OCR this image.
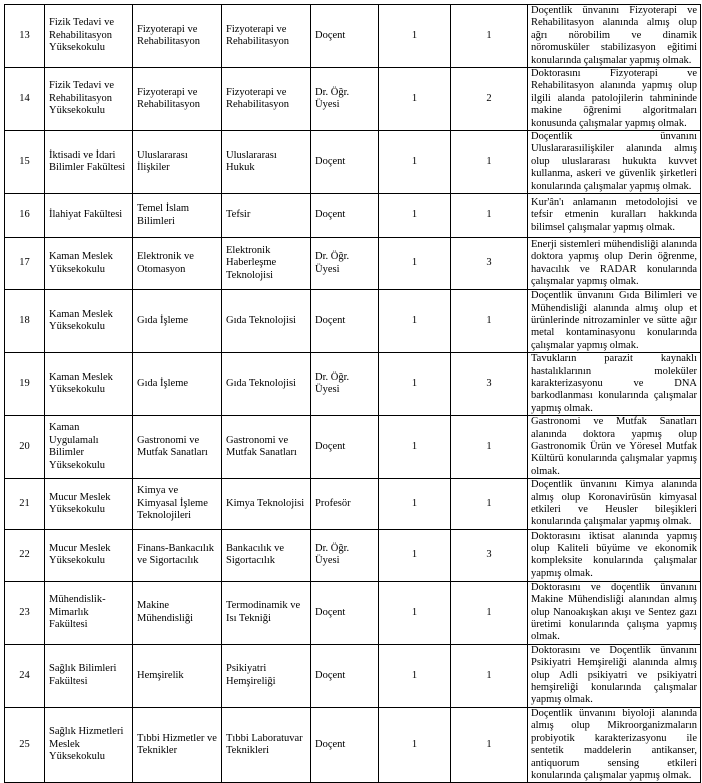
13	Fizik Tedavi ve Rehabilitasyon Yüksekokulu	Fizyoterapi ve Rehabilitasyon	Fizyoterapi ve Rehabilitasyon	Doçent	1	1	Doçentlik ünvanını Fizyoterapi ve Rehabilitasyon alanında almış olup ağrı nörobilim ve dinamik nöromusküler stabilizasyon eğitimi konularında çalışmalar yapmış olmak.
14	Fizik Tedavi ve Rehabilitasyon Yüksekokulu	Fizyoterapi ve Rehabilitasyon	Fizyoterapi ve Rehabilitasyon	Dr. Öğr. Üyesi	1	2	Doktorasını Fizyoterapi ve Rehabilitasyon alanında yapmış olup ilgili alanda patolojilerin tahmininde makine öğrenimi algoritmaları konusunda çalışmalar yapmış olmak.
15	İktisadi ve İdari Bilimler Fakültesi	Uluslararası İlişkiler	Uluslararası Hukuk	Doçent	1	1	Doçentlik ünvanını Uluslararasıilişkiler alanında almış olup uluslararası hukukta kuvvet kullanma, askeri ve güvenlik şirketleri konularında çalışmalar yapmış olmak.
16	İlahiyat Fakültesi	Temel İslam Bilimleri	Tefsir	Doçent	1	1	Kur'ân'ı anlamanın metodolojisi ve tefsir etmenin kuralları hakkında bilimsel çalışmalar yapmış olmak.
17	Kaman Meslek Yüksekokulu	Elektronik ve Otomasyon	Elektronik Haberleşme Teknolojisi	Dr. Öğr. Üyesi	1	3	Enerji sistemleri mühendisliği alanında doktora yapmış olup Derin öğrenme, havacılık ve RADAR konularında çalışmalar yapmış olmak.
18	Kaman Meslek Yüksekokulu	Gıda İşleme	Gıda Teknolojisi	Doçent	1	1	Doçentlik ünvanını Gıda Bilimleri ve Mühendisliği alanında almış olup et ürünlerinde nitrozaminler ve sütte ağır metal kontaminasyonu konularında çalışmalar yapmış olmak.
19	Kaman Meslek Yüksekokulu	Gıda İşleme	Gıda Teknolojisi	Dr. Öğr. Üyesi	1	3	Tavukların parazit kaynaklı hastalıklarının moleküler karakterizasyonu ve DNA barkodlanması konularında çalışmalar yapmış olmak.
20	Kaman Uygulamalı Bilimler Yüksekokulu	Gastronomi ve Mutfak Sanatları	Gastronomi ve Mutfak Sanatları	Doçent	1	1	Gastronomi ve Mutfak Sanatları alanında doktora yapmış olup Gastronomik Ürün ve Yöresel Mutfak Kültürü konularında çalışmalar yapmış olmak.
21	Mucur Meslek Yüksekokulu	Kimya ve Kimyasal İşleme Teknolojileri	Kimya Teknolojisi	Profesör	1	1	Doçentlik ünvanını Kimya alanında almış olup Koronavirüsün kimyasal etkileri ve Heusler bileşikleri konularında çalışmalar yapmış olmak.
22	Mucur Meslek Yüksekokulu	Finans-Bankacılık ve Sigortacılık	Bankacılık ve Sigortacılık	Dr. Öğr. Üyesi	1	3	Doktorasını iktisat alanında yapmış olup Kaliteli büyüme ve ekonomik kompleksite konularında çalışmalar yapmış olmak.
23	Mühendislik-Mimarlık Fakültesi	Makine Mühendisliği	Termodinamik ve Isı Tekniği	Doçent	1	1	Doktorasını ve doçentlik ünvanını Makine Mühendisliği alanından almış olup Nanoakışkan akışı ve Sentez gazı üretimi konularında çalışma yapmış olmak.
24	Sağlık Bilimleri Fakültesi	Hemşirelik	Psikiyatri Hemşireliği	Doçent	1	1	Doktorasını ve Doçentlik ünvanını Psikiyatri Hemşireliği alanında almış olup Adli psikiyatri ve psikiyatri hemşireliği konularında çalışmalar yapmış olmak.
25	Sağlık Hizmetleri Meslek Yüksekokulu	Tıbbi Hizmetler ve Teknikler	Tıbbi Laboratuvar Teknikleri	Doçent	1	1	Doçentlik ünvanını biyoloji alanında almış olup Mikroorganizmaların probiyotik karakterizasyonu ile sentetik maddelerin antikanser, antiquorum sensing etkileri konularında çalışmalar yapmış olmak.
